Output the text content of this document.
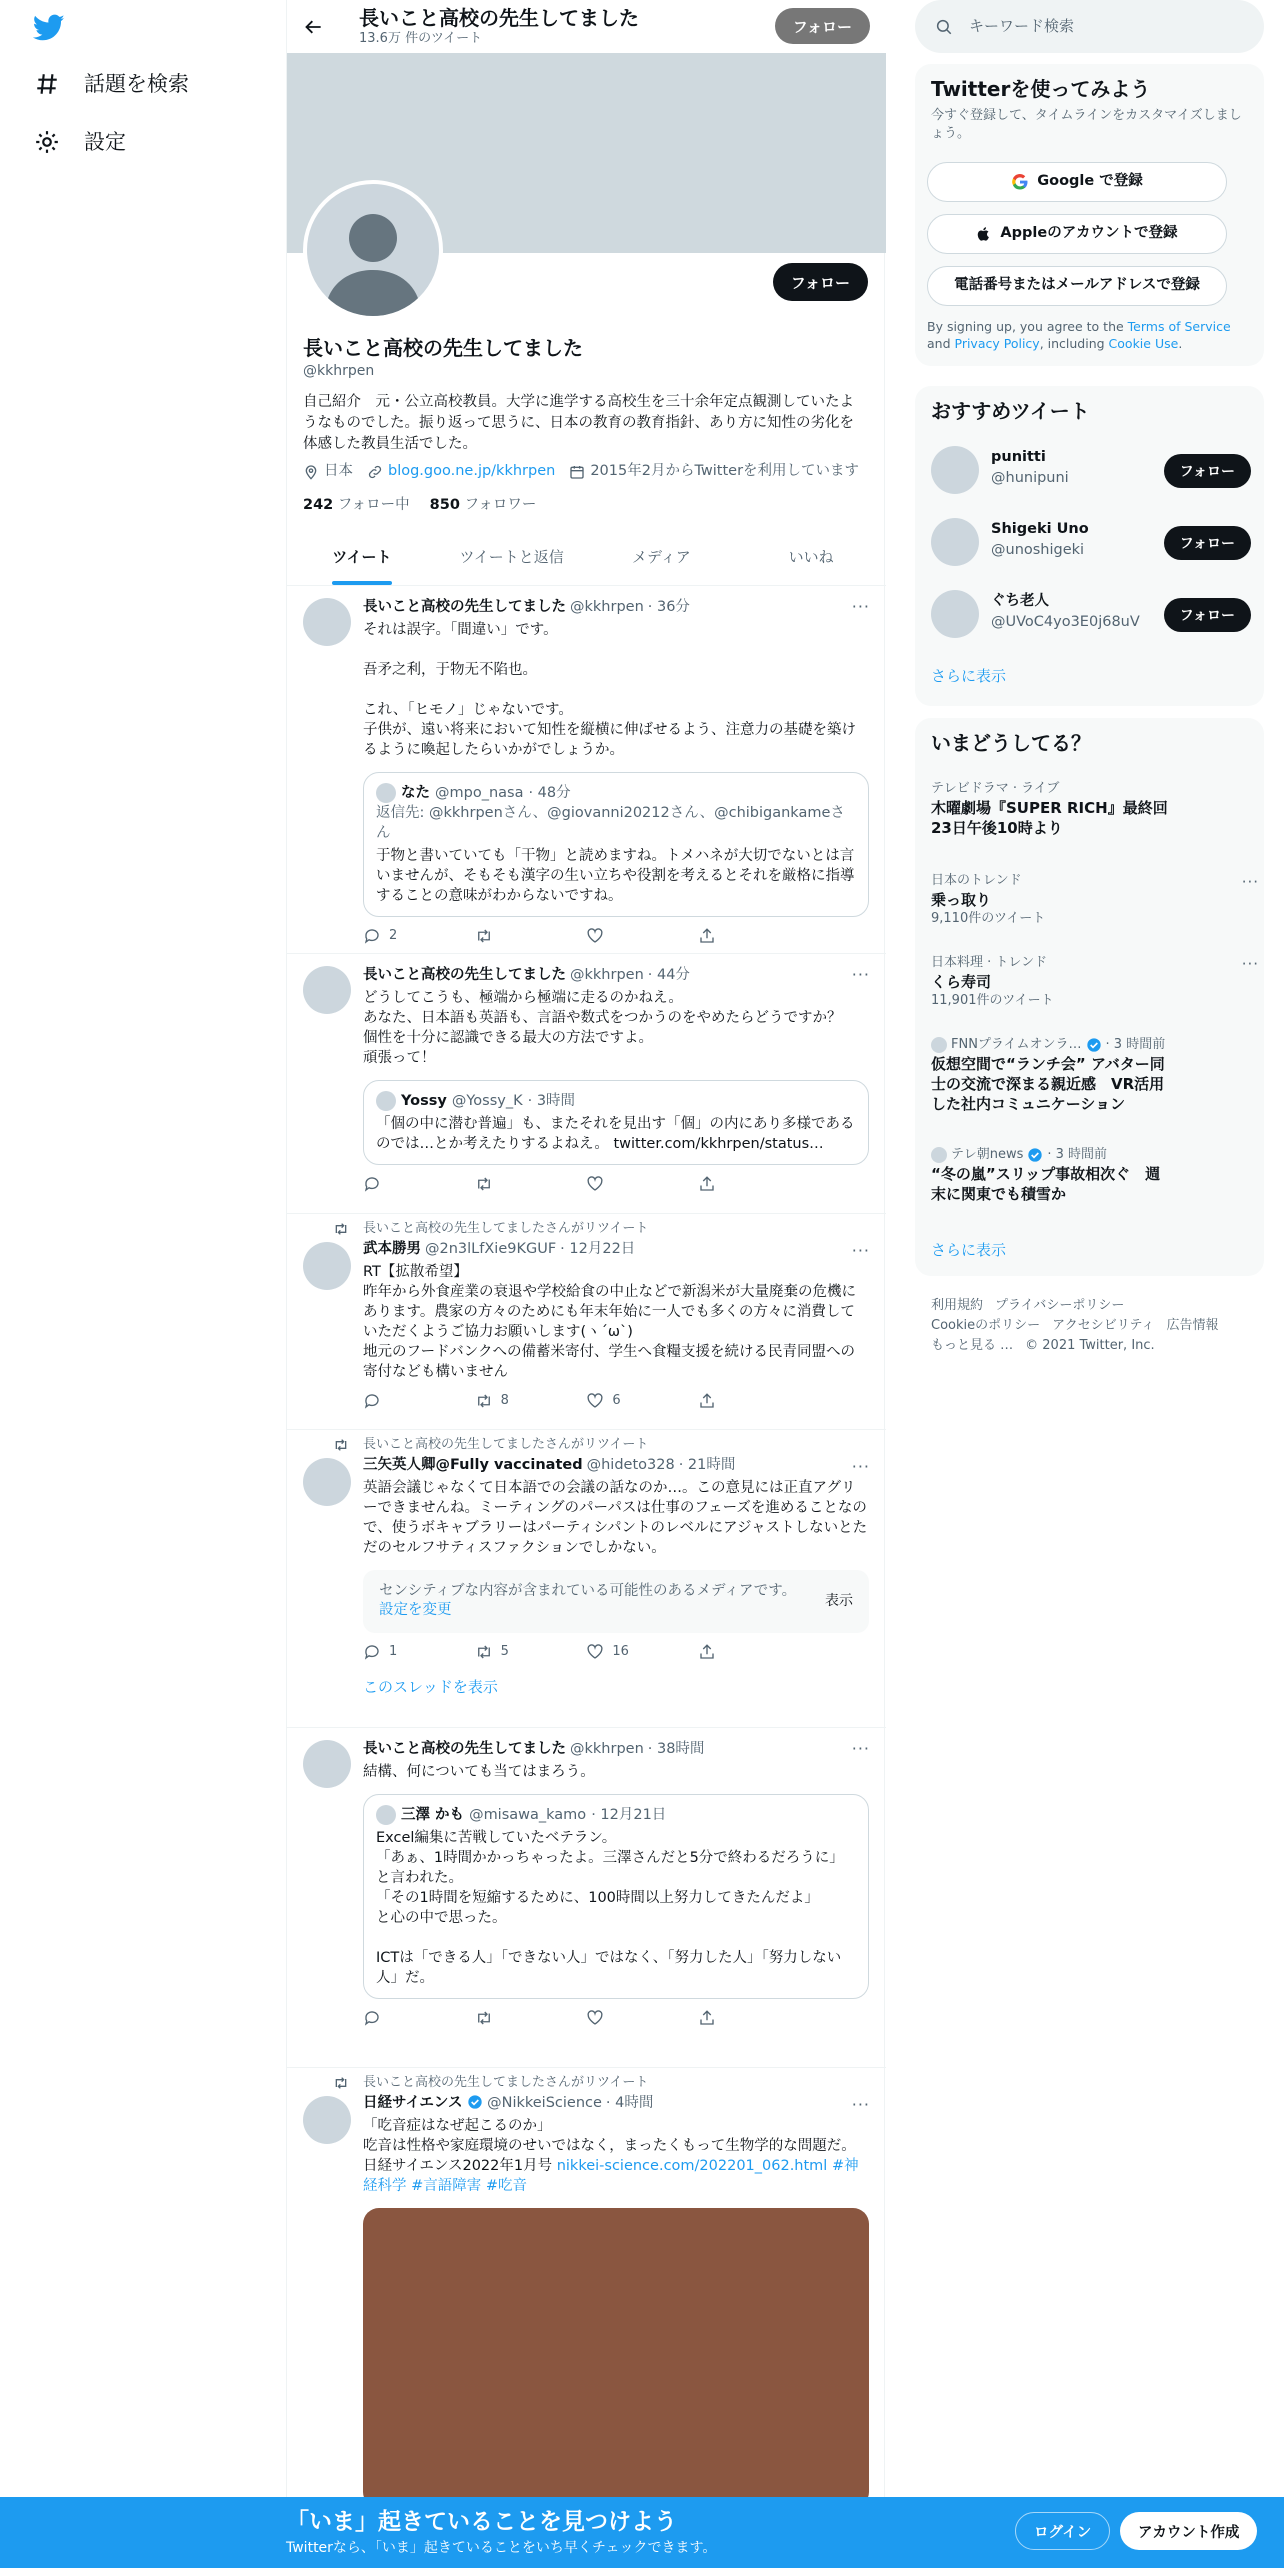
話題を検索
設定
長いこと高校の先生してました
13.6万 件のツイート
フォロー
フォロー
長いこと高校の先生してました
@kkhrpen
自己紹介　元・公立高校教員。大学に進学する高校生を三十余年定点観測していたようなものでした。振り返って思うに、日本の教育の教育指針、あり方に知性の劣化を体感した教員生活でした。
日本 blog.goo.ne.jp/kkhrpen 2015年2月からTwitterを利用しています
242 フォロー中 850 フォロワー
ツイート	ツイートと返信	メディア	いいね
···
長いこと高校の先生してました @kkhrpen · 36分
それは誤字。「間違い」です。

吾矛之利，于物无不陷也。

これ、「ヒモノ」じゃないです。
子供が、遠い将来において知性を縦横に伸ばせるよう、注意力の基礎を築けるように喚起したらいかがでしょうか。
なた @mpo_nasa · 48分
返信先: @kkhrpenさん、@giovanni20212さん、@chibigankameさん
于物と書いていても「干物」と読めますね。トメハネが大切でないとは言いませんが、そもそも漢字の生い立ちや役割を考えるとそれを厳格に指導することの意味がわからないですね。
2
···
長いこと高校の先生してました @kkhrpen · 44分
どうしてこうも、極端から極端に走るのかねえ。
あなた、日本語も英語も、言語や数式をつかうのをやめたらどうですか？
個性を十分に認識できる最大の方法ですよ。
頑張って！
Yossy @Yossy_K · 3時間
「個の中に潜む普遍」も、またそれを見出す「個」の内にあり多様であるのでは…とか考えたりするよねえ。 twitter.com/kkhrpen/status…
長いこと高校の先生してましたさんがリツイート
···
武本勝男 @2n3lLfXie9KGUF · 12月22日
RT【拡散希望】
昨年から外食産業の衰退や学校給食の中止などで新潟米が大量廃棄の危機にあります。農家の方々のためにも年末年始に一人でも多くの方々に消費していただくようご協力お願いします(ヽ´ω`)
地元のフードバンクへの備蓄米寄付、学生へ食糧支援を続ける民青同盟への寄付なども構いません
8	6
長いこと高校の先生してましたさんがリツイート
···
三矢英人卿@Fully vaccinated @hideto328 · 21時間
英語会議じゃなくて日本語での会議の話なのか…。この意見には正直アグリーできませんね。ミーティングのパーパスは仕事のフェーズを進めることなので、使うボキャブラリーはパーティシパントのレベルにアジャストしないとただのセルフサティスファクションでしかない。
センシティブな内容が含まれている可能性のあるメディアです。設定を変更
表示
1	5	16
このスレッドを表示
···
長いこと高校の先生してました @kkhrpen · 38時間
結構、何についても当てはまろう。
三澤 かも @misawa_kamo · 12月21日
Excel編集に苦戦していたベテラン。
「あぁ、1時間かかっちゃったよ。三澤さんだと5分で終わるだろうに」
と言われた。
「その1時間を短縮するために、100時間以上努力してきたんだよ」
と心の中で思った。

ICTは「できる人」「できない人」ではなく、「努力した人」「努力しない人」だ。
長いこと高校の先生してましたさんがリツイート
···
日経サイエンス @NikkeiScience · 4時間
「吃音症はなぜ起こるのか」
吃音は性格や家庭環境のせいではなく，まったくもって生物学的な問題だ。
日経サイエンス2022年1月号 nikkei-science.com/202201_062.html #神経科学 #言語障害 #吃音
キーワード検索
Twitterを使ってみよう
今すぐ登録して、タイムラインをカスタマイズしましょう。
Google で登録
Appleのアカウントで登録
電話番号またはメールアドレスで登録
By signing up, you agree to the Terms of Service and Privacy Policy, including Cookie Use.
おすすめツイート
punitti
@hunipuni	フォロー
Shigeki Uno
@unoshigeki	フォロー
ぐち老人
@UVoC4yo3E0j68uV	フォロー
さらに表示
いまどうしてる？
テレビドラマ · ライブ
木曜劇場『SUPER RICH』最終回 23日午後10時より
日本のトレンド
乗っ取り
9,110件のツイート
···
日本料理 · トレンド
くら寿司
11,901件のツイート
···
FNNプライムオンラ… · 3 時間前
仮想空間で“ランチ会” アバター同士の交流で深まる親近感　VR活用した社内コミュニケーション
テレ朝news · 3 時間前
“冬の嵐”スリップ事故相次ぐ　週末に関東でも積雪か
さらに表示
利用規約 プライバシーポリシー
Cookieのポリシー アクセシビリティ 広告情報
もっと見る … © 2021 Twitter, Inc.
「いま」起きていることを見つけよう
Twitterなら、「いま」起きていることをいち早くチェックできます。
ログイン	アカウント作成
